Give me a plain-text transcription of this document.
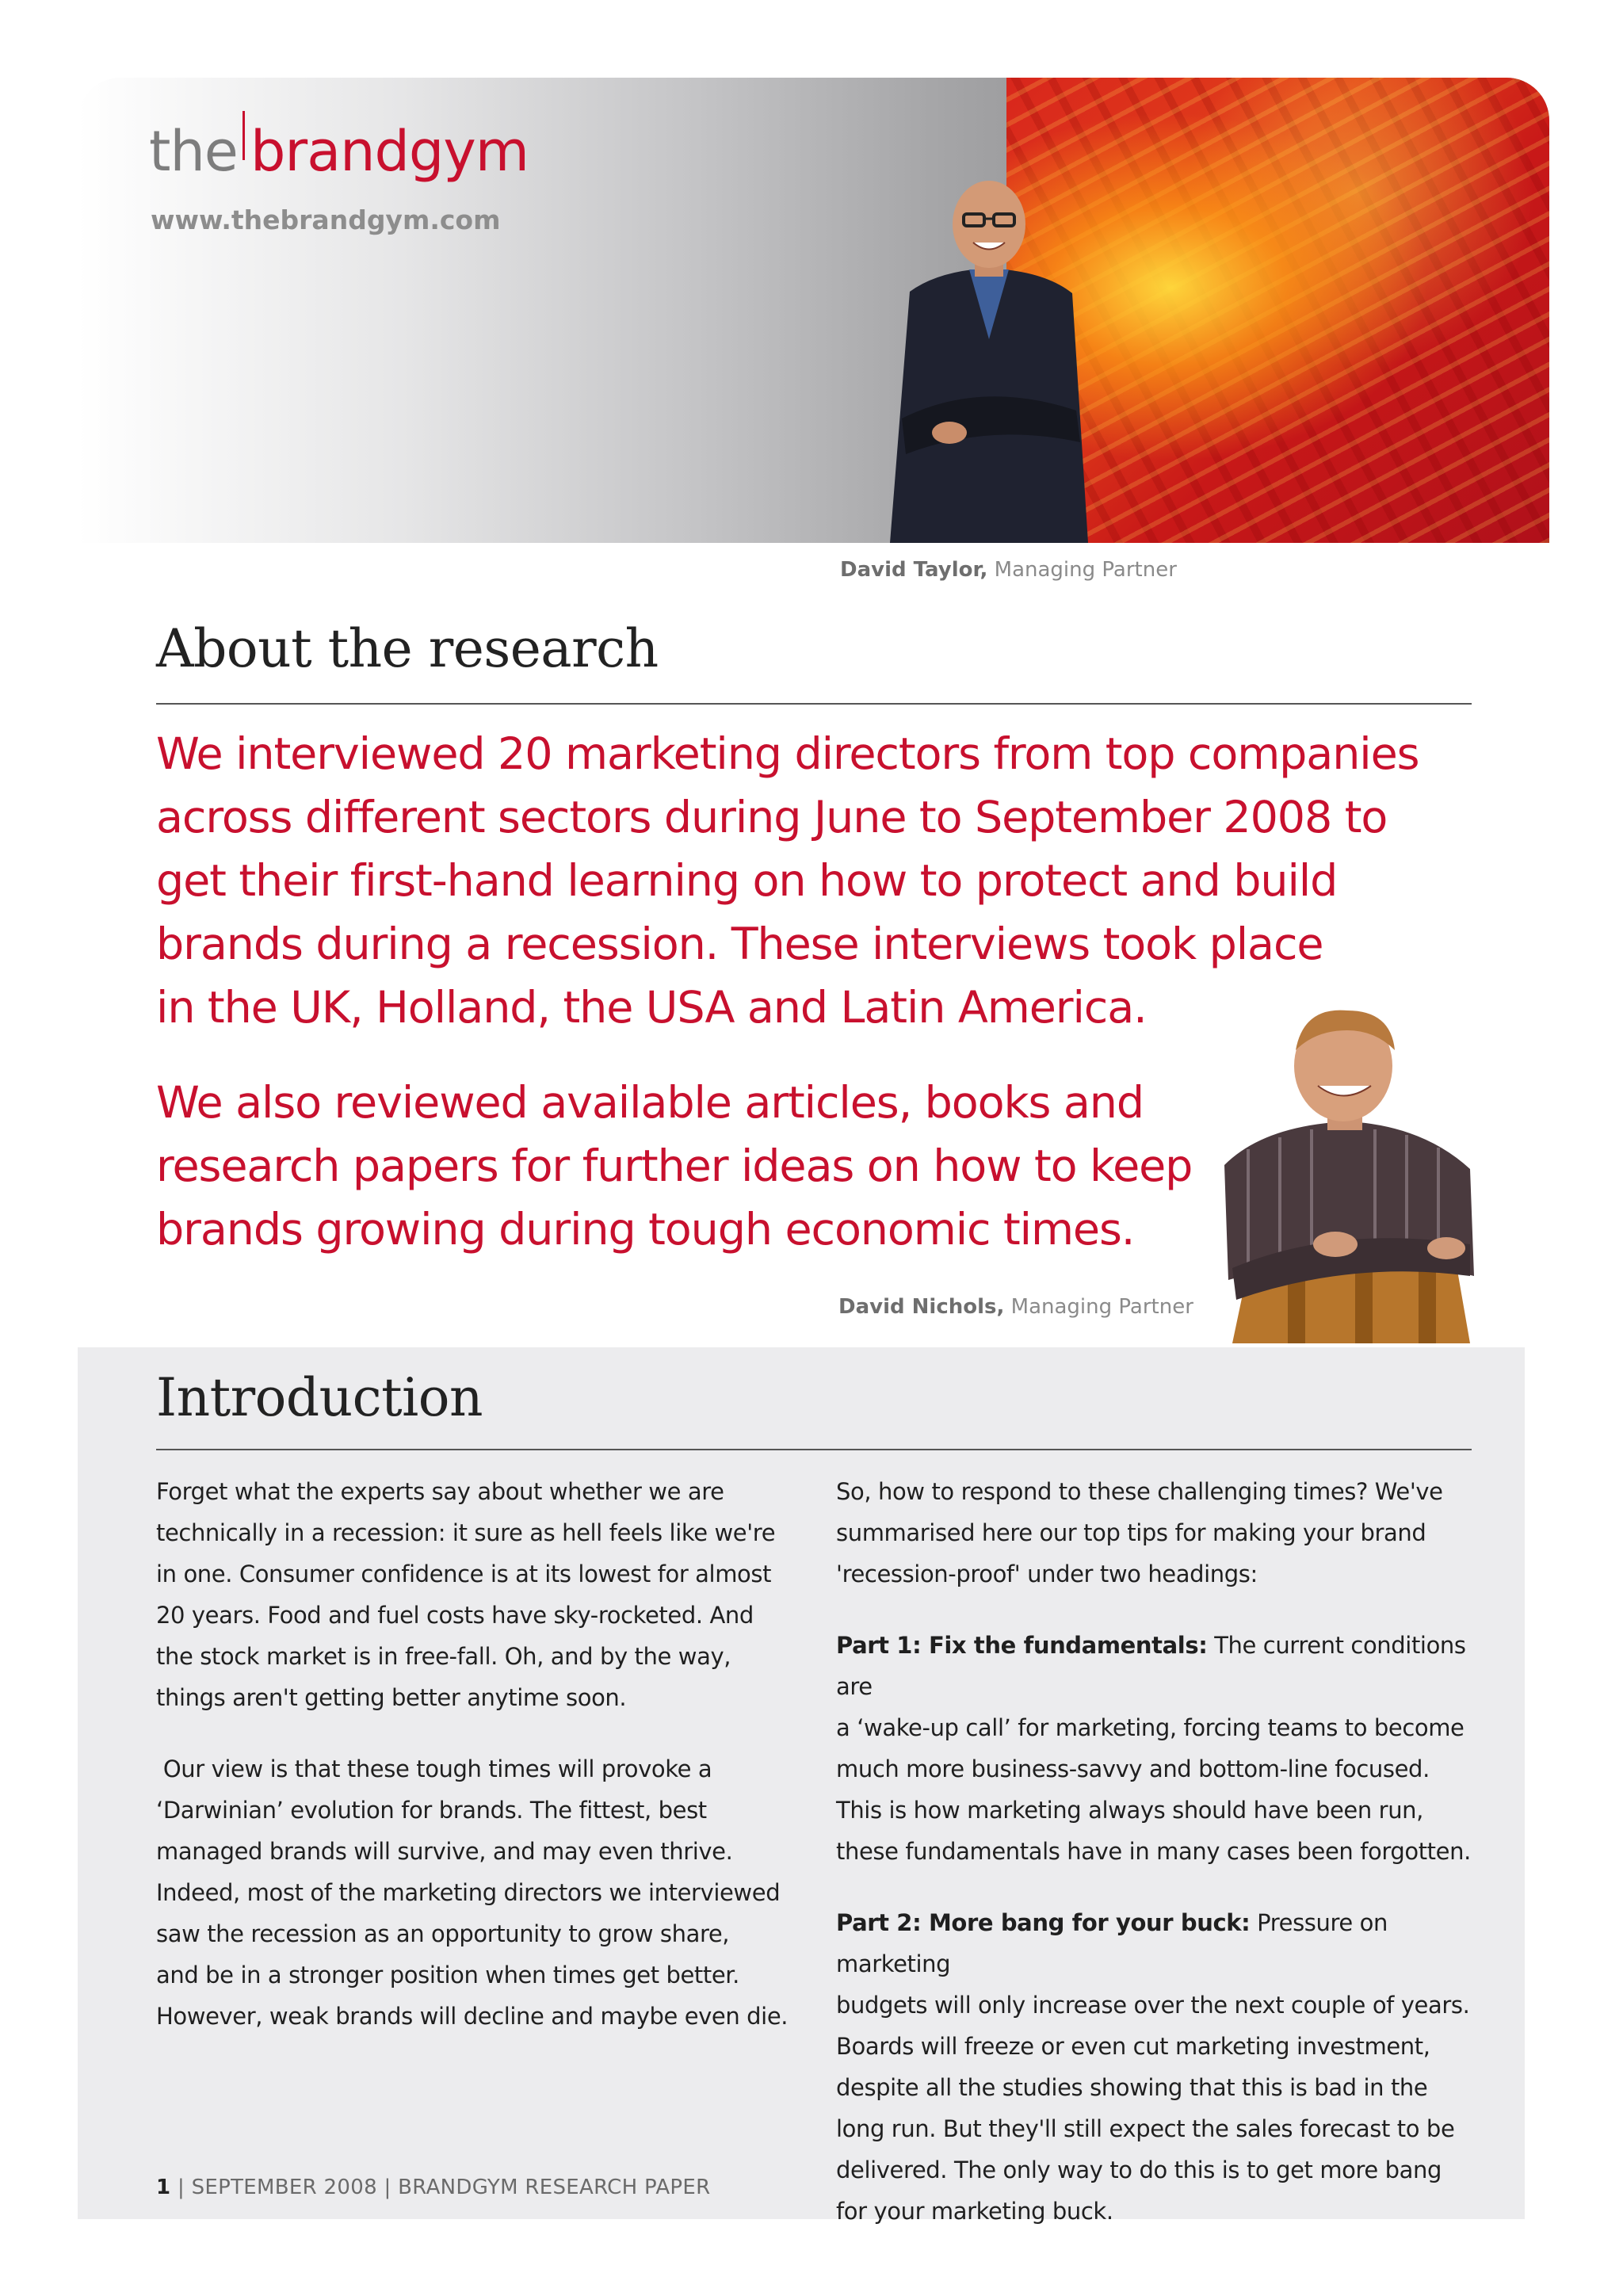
the brandgym
www.thebrandgym.com
David Taylor, Managing Partner
About the research

We interviewed 20 marketing directors from top companies
across different sectors during June to September 2008 to
get their first-hand learning on how to protect and build
brands during a recession. These interviews took place
in the UK, Holland, the USA and Latin America.

We also reviewed available articles, books and
research papers for further ideas on how to keep
brands growing during tough economic times.

David Nichols, Managing Partner
Introduction

Forget what the experts say about whether we are
technically in a recession: it sure as hell feels like we're
in one. Consumer confidence is at its lowest for almost
20 years. Food and fuel costs have sky-rocketed. And
the stock market is in free-fall. Oh, and by the way,
things aren't getting better anytime soon.

Our view is that these tough times will provoke a
‘Darwinian’ evolution for brands. The fittest, best
managed brands will survive, and may even thrive.
Indeed, most of the marketing directors we interviewed
saw the recession as an opportunity to grow share,
and be in a stronger position when times get better.
However, weak brands will decline and maybe even die.

So, how to respond to these challenging times? We've
summarised here our top tips for making your brand
'recession-proof' under two headings:

Part 1: Fix the fundamentals: The current conditions are
a ‘wake-up call’ for marketing, forcing teams to become
much more business-savvy and bottom-line focused.
This is how marketing always should have been run,
these fundamentals have in many cases been forgotten.

Part 2: More bang for your buck: Pressure on marketing
budgets will only increase over the next couple of years.
Boards will freeze or even cut marketing investment,
despite all the studies showing that this is bad in the
long run. But they'll still expect the sales forecast to be
delivered. The only way to do this is to get more bang
for your marketing buck.

1 | SEPTEMBER 2008 | BRANDGYM RESEARCH PAPER
